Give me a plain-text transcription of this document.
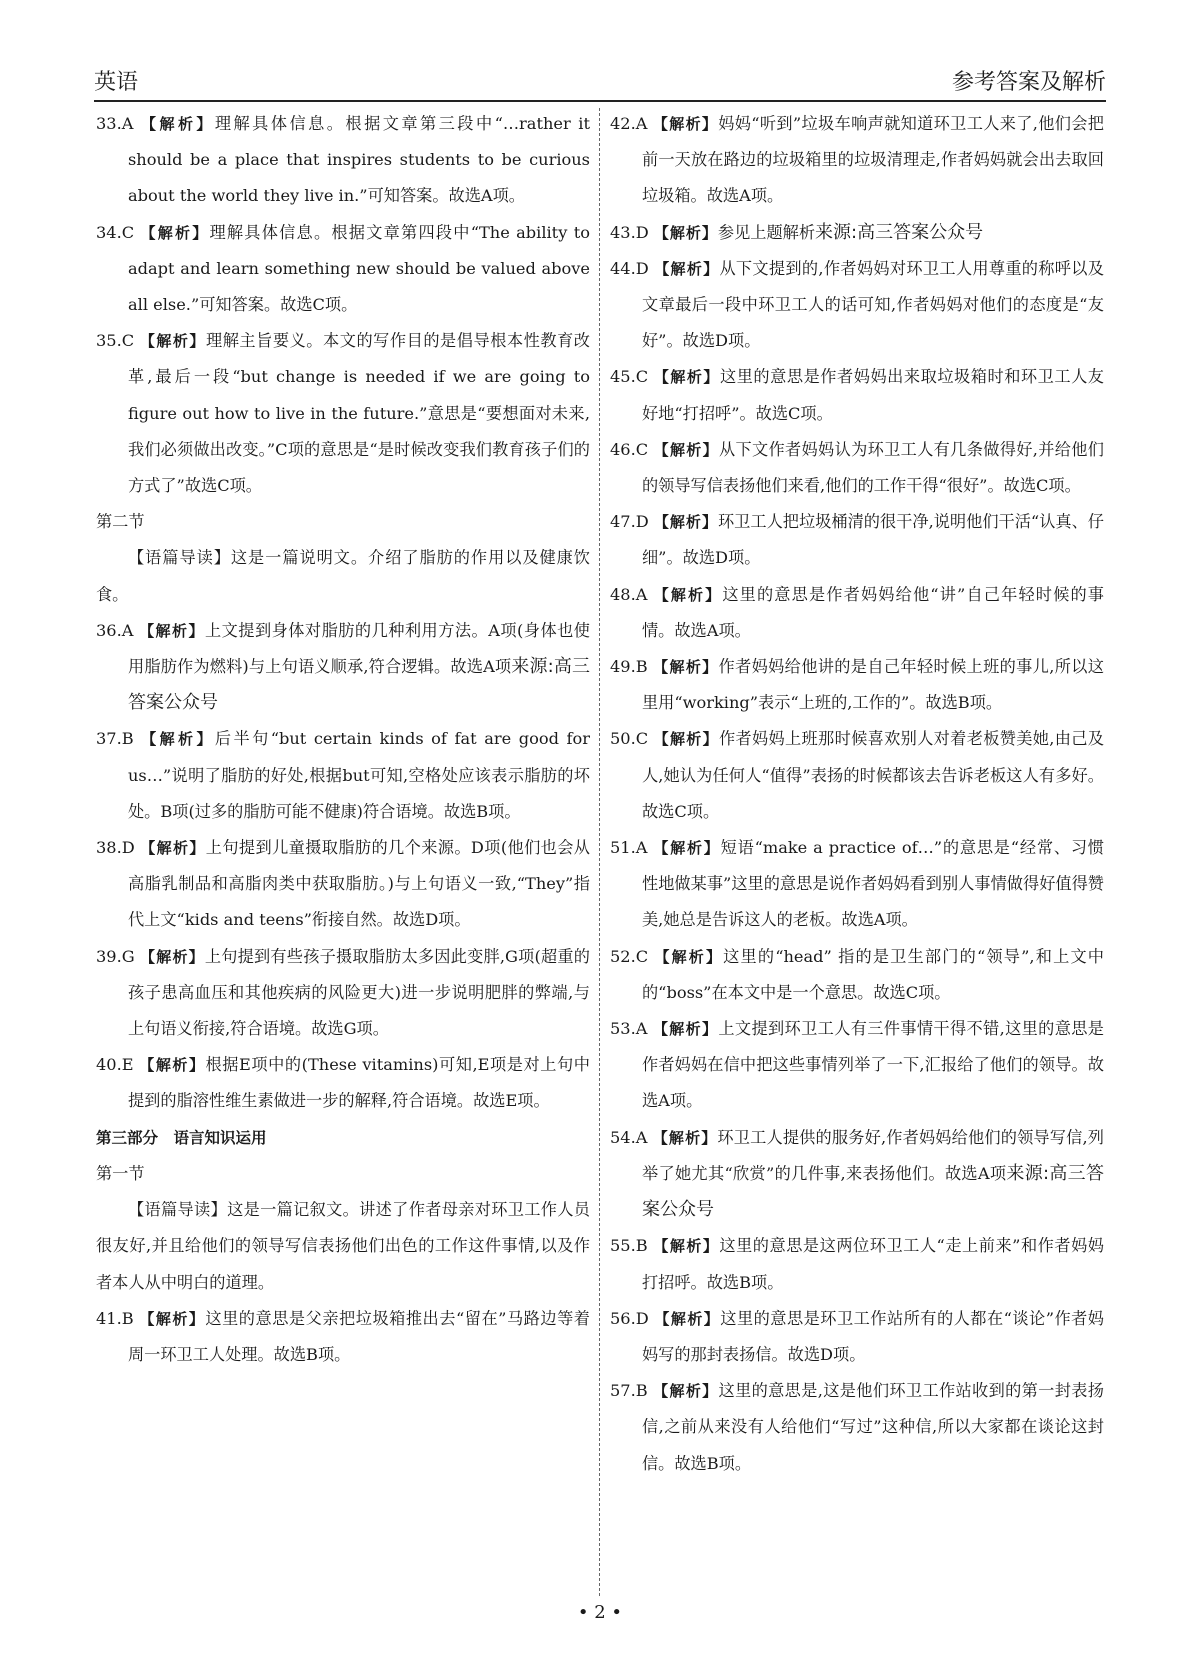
英语	参考答案及解析

33.A 【解析】理解具体信息。根据文章第三段中“…rather it should be a place that inspires students to be curious about the world they live in.”可知答案。故选A项。

34.C 【解析】理解具体信息。根据文章第四段中“The ability to adapt and learn something new should be valued above all else.”可知答案。故选C项。

35.C 【解析】理解主旨要义。本文的写作目的是倡导根本性教育改革,最后一段“but change is needed if we are going to figure out how to live in the future.”意思是“要想面对未来,我们必须做出改变。”C项的意思是“是时候改变我们教育孩子们的方式了”故选C项。

第二节

【语篇导读】这是一篇说明文。介绍了脂肪的作用以及健康饮食。

36.A 【解析】上文提到身体对脂肪的几种利用方法。A项(身体也使用脂肪作为燃料)与上句语义顺承,符合逻辑。故选A项来源:高三答案公众号

37.B 【解析】后半句“but certain kinds of fat are good for us…”说明了脂肪的好处,根据but可知,空格处应该表示脂肪的坏处。B项(过多的脂肪可能不健康)符合语境。故选B项。

38.D 【解析】上句提到儿童摄取脂肪的几个来源。D项(他们也会从高脂乳制品和高脂肉类中获取脂肪。)与上句语义一致,“They”指代上文“kids and teens”衔接自然。故选D项。

39.G 【解析】上句提到有些孩子摄取脂肪太多因此变胖,G项(超重的孩子患高血压和其他疾病的风险更大)进一步说明肥胖的弊端,与上句语义衔接,符合语境。故选G项。

40.E 【解析】根据E项中的(These vitamins)可知,E项是对上句中提到的脂溶性维生素做进一步的解释,符合语境。故选E项。

第三部分　语言知识运用

第一节

【语篇导读】这是一篇记叙文。讲述了作者母亲对环卫工作人员很友好,并且给他们的领导写信表扬他们出色的工作这件事情,以及作者本人从中明白的道理。

41.B 【解析】这里的意思是父亲把垃圾箱推出去“留在”马路边等着周一环卫工人处理。故选B项。

42.A 【解析】妈妈“听到”垃圾车响声就知道环卫工人来了,他们会把前一天放在路边的垃圾箱里的垃圾清理走,作者妈妈就会出去取回垃圾箱。故选A项。

43.D 【解析】参见上题解析来源:高三答案公众号

44.D 【解析】从下文提到的,作者妈妈对环卫工人用尊重的称呼以及文章最后一段中环卫工人的话可知,作者妈妈对他们的态度是“友好”。故选D项。

45.C 【解析】这里的意思是作者妈妈出来取垃圾箱时和环卫工人友好地“打招呼”。故选C项。

46.C 【解析】从下文作者妈妈认为环卫工人有几条做得好,并给他们的领导写信表扬他们来看,他们的工作干得“很好”。故选C项。

47.D 【解析】环卫工人把垃圾桶清的很干净,说明他们干活“认真、仔细”。故选D项。

48.A 【解析】这里的意思是作者妈妈给他“讲”自己年轻时候的事情。故选A项。

49.B 【解析】作者妈妈给他讲的是自己年轻时候上班的事儿,所以这里用“working”表示“上班的,工作的”。故选B项。

50.C 【解析】作者妈妈上班那时候喜欢别人对着老板赞美她,由己及人,她认为任何人“值得”表扬的时候都该去告诉老板这人有多好。故选C项。

51.A 【解析】短语“make a practice of…”的意思是“经常、习惯性地做某事”这里的意思是说作者妈妈看到别人事情做得好值得赞美,她总是告诉这人的老板。故选A项。

52.C 【解析】这里的“head” 指的是卫生部门的“领导”,和上文中的“boss”在本文中是一个意思。故选C项。

53.A 【解析】上文提到环卫工人有三件事情干得不错,这里的意思是作者妈妈在信中把这些事情列举了一下,汇报给了他们的领导。故选A项。

54.A 【解析】环卫工人提供的服务好,作者妈妈给他们的领导写信,列举了她尤其“欣赏”的几件事,来表扬他们。故选A项来源:高三答案公众号

55.B 【解析】这里的意思是这两位环卫工人“走上前来”和作者妈妈打招呼。故选B项。

56.D 【解析】这里的意思是环卫工作站所有的人都在“谈论”作者妈妈写的那封表扬信。故选D项。

57.B 【解析】这里的意思是,这是他们环卫工作站收到的第一封表扬信,之前从来没有人给他们“写过”这种信,所以大家都在谈论这封信。故选B项。

• 2 •
